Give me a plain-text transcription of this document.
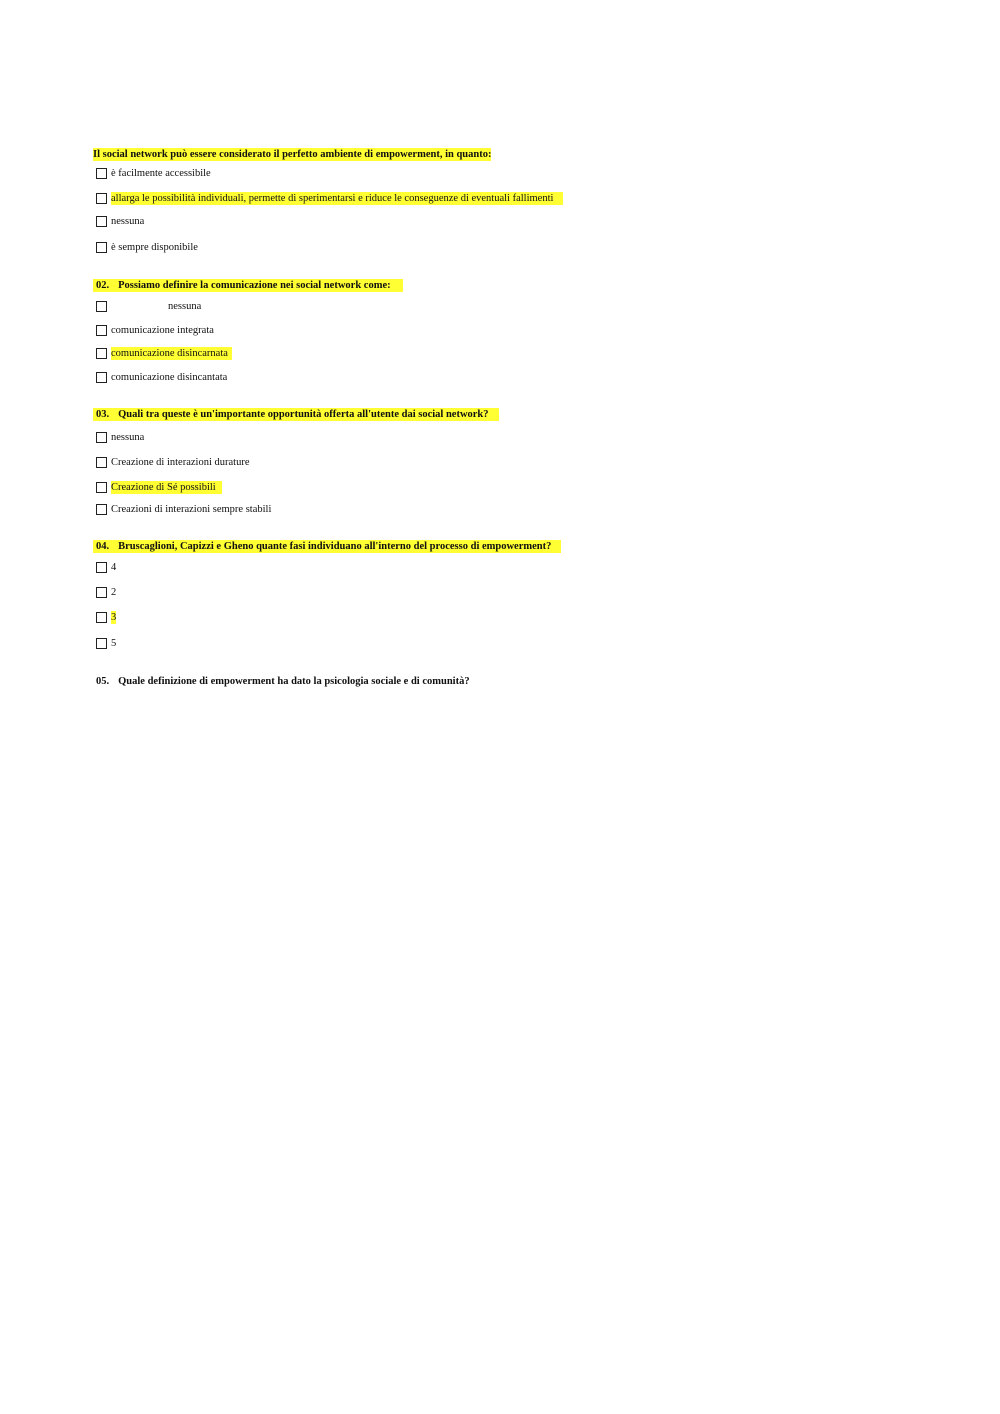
Il social network può essere considerato il perfetto ambiente di empowerment, in quanto:
è facilmente accessibile
allarga le possibilità individuali, permette di sperimentarsi e riduce le conseguenze di eventuali fallimenti
nessuna
è sempre disponibile
02. Possiamo definire la comunicazione nei social network come:
nessuna
comunicazione integrata
comunicazione disincarnata
comunicazione disincantata
03. Quali tra queste è un'importante opportunità offerta all'utente dai social network?
nessuna
Creazione di interazioni durature
Creazione di Sé possibili
Creazioni di interazioni sempre stabili
04. Bruscaglioni, Capizzi e Gheno quante fasi individuano all'interno del processo di empowerment?
4
2
3
5
05. Quale definizione di empowerment ha dato la psicologia sociale e di comunità?
